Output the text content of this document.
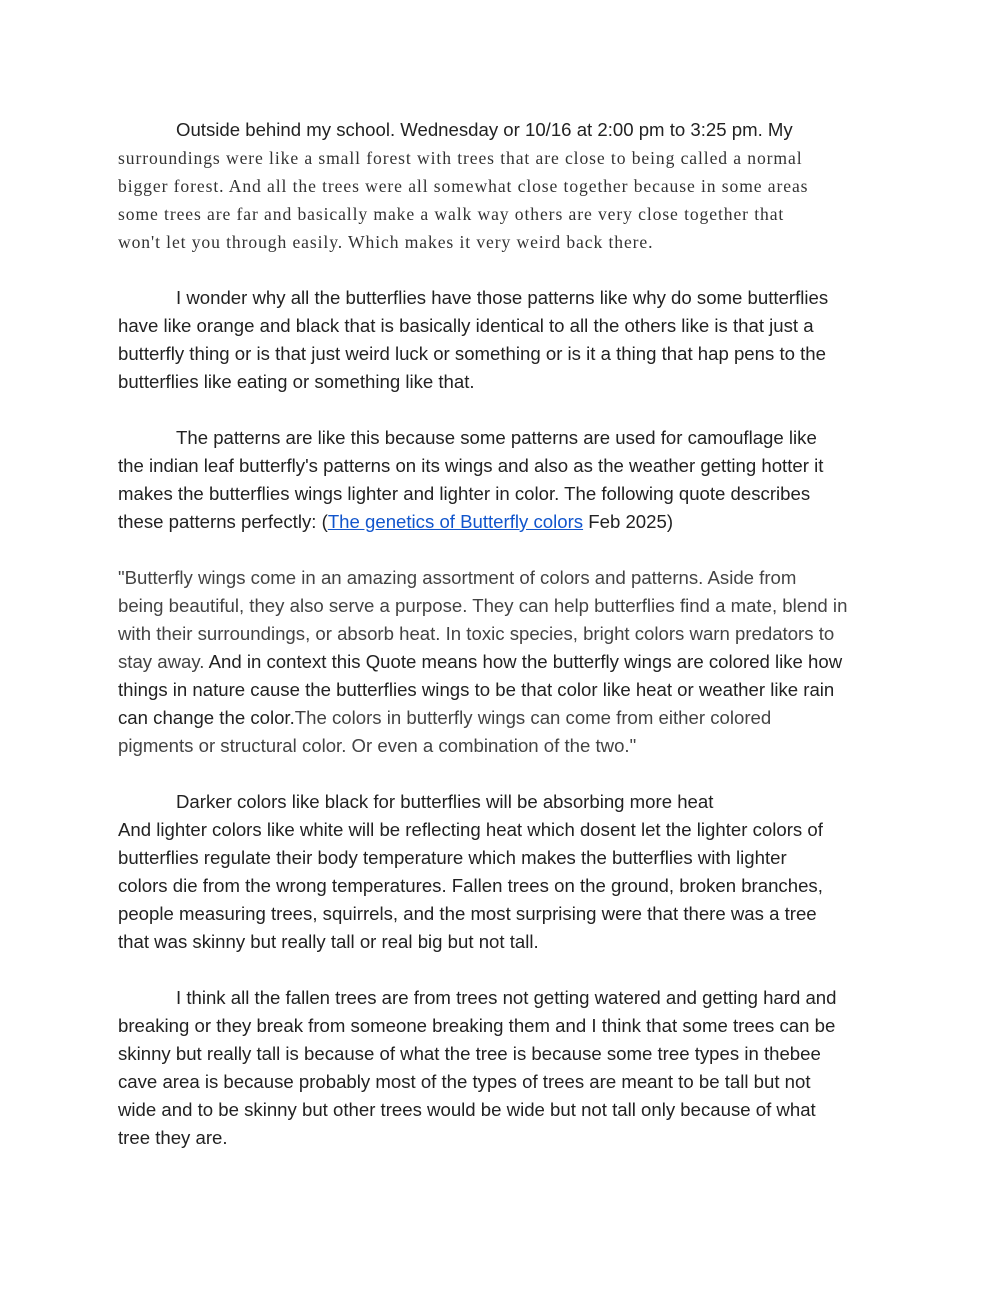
Outside behind my school. Wednesday or 10/16 at 2:00 pm to 3:25 pm. My
surroundings were like a small forest with trees that are close to being called a normal
bigger forest. And all the trees were all somewhat close together because in some areas
some trees are far and basically make a walk way others are very close together that
won't let you through easily. Which makes it very weird back there.
I wonder why all the butterflies have those patterns like why do some butterflies
have like orange and black that is basically identical to all the others like is that just a
butterfly thing or is that just weird luck or something or is it a thing that hap pens to the
butterflies like eating or something like that.
The patterns are like this because some patterns are used for camouflage like
the indian leaf butterfly's patterns on its wings and also as the weather getting hotter it
makes the butterflies wings lighter and lighter in color. The following quote describes
these patterns perfectly: (The genetics of Butterfly colors Feb 2025)
"Butterfly wings come in an amazing assortment of colors and patterns. Aside from
being beautiful, they also serve a purpose. They can help butterflies find a mate, blend in
with their surroundings, or absorb heat. In toxic species, bright colors warn predators to
stay away. And in context this Quote means how the butterfly wings are colored like how
things in nature cause the butterflies wings to be that color like heat or weather like rain
can change the color.The colors in butterfly wings can come from either colored
pigments or structural color. Or even a combination of the two."
Darker colors like black for butterflies will be absorbing more heat
And lighter colors like white will be reflecting heat which dosent let the lighter colors of
butterflies regulate their body temperature which makes the butterflies with lighter
colors die from the wrong temperatures. Fallen trees on the ground, broken branches,
people measuring trees, squirrels, and the most surprising were that there was a tree
that was skinny but really tall or real big but not tall.
I think all the fallen trees are from trees not getting watered and getting hard and
breaking or they break from someone breaking them and I think that some trees can be
skinny but really tall is because of what the tree is because some tree types in thebee
cave area is because probably most of the types of trees are meant to be tall but not
wide and to be skinny but other trees would be wide but not tall only because of what
tree they are.
